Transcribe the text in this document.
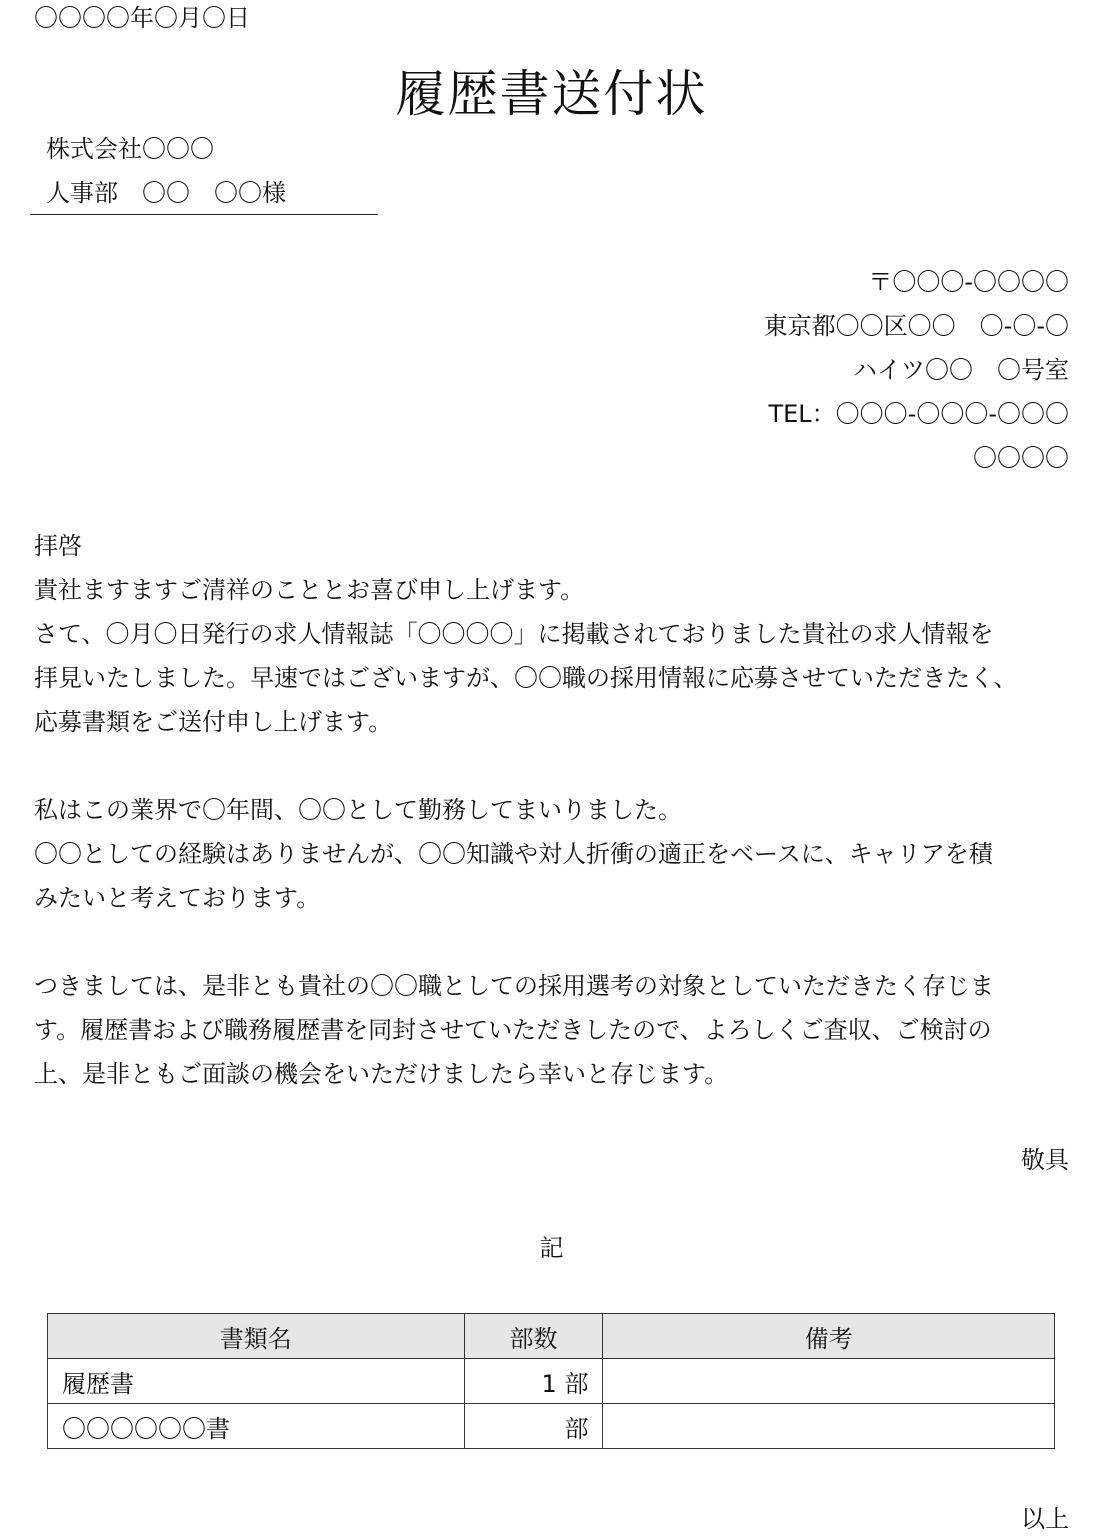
〇〇〇〇年〇月〇日
履歴書送付状
株式会社〇〇〇
人事部　〇〇　〇〇様
〒〇〇〇-〇〇〇〇
東京都〇〇区〇〇　〇-〇-〇
ハイツ〇〇　〇号室
TEL：〇〇〇-〇〇〇-〇〇〇
〇〇〇〇
拝啓
貴社ますますご清祥のこととお喜び申し上げます。
さて、〇月〇日発行の求人情報誌「〇〇〇〇」に掲載されておりました貴社の求人情報を
拝見いたしました。早速ではございますが、〇〇職の採用情報に応募させていただきたく、
応募書類をご送付申し上げます。
私はこの業界で〇年間、〇〇として勤務してまいりました。
〇〇としての経験はありませんが、〇〇知識や対人折衝の適正をベースに、キャリアを積
みたいと考えております。
つきましては、是非とも貴社の〇〇職としての採用選考の対象としていただきたく存じま
す。履歴書および職務履歴書を同封させていただきしたので、よろしくご査収、ご検討の
上、是非ともご面談の機会をいただけましたら幸いと存じます。
敬具
記
書類名	部数	備考
履歴書	1 部	
〇〇〇〇〇〇書	部	
以上
